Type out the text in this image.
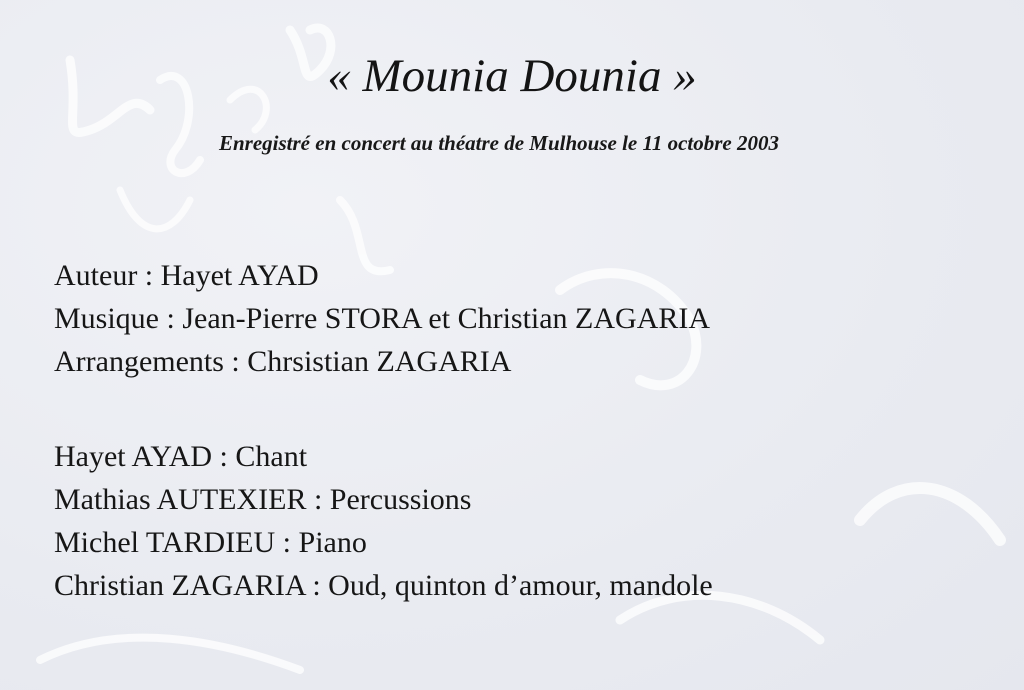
« Mounia Dounia »
Enregistré en concert au théatre de Mulhouse le 11 octobre 2003
Auteur : Hayet AYAD
Musique : Jean-Pierre STORA et Christian ZAGARIA
Arrangements : Chrsistian ZAGARIA
Hayet AYAD : Chant
Mathias AUTEXIER : Percussions
Michel TARDIEU : Piano
Christian ZAGARIA : Oud, quinton d’amour, mandole
